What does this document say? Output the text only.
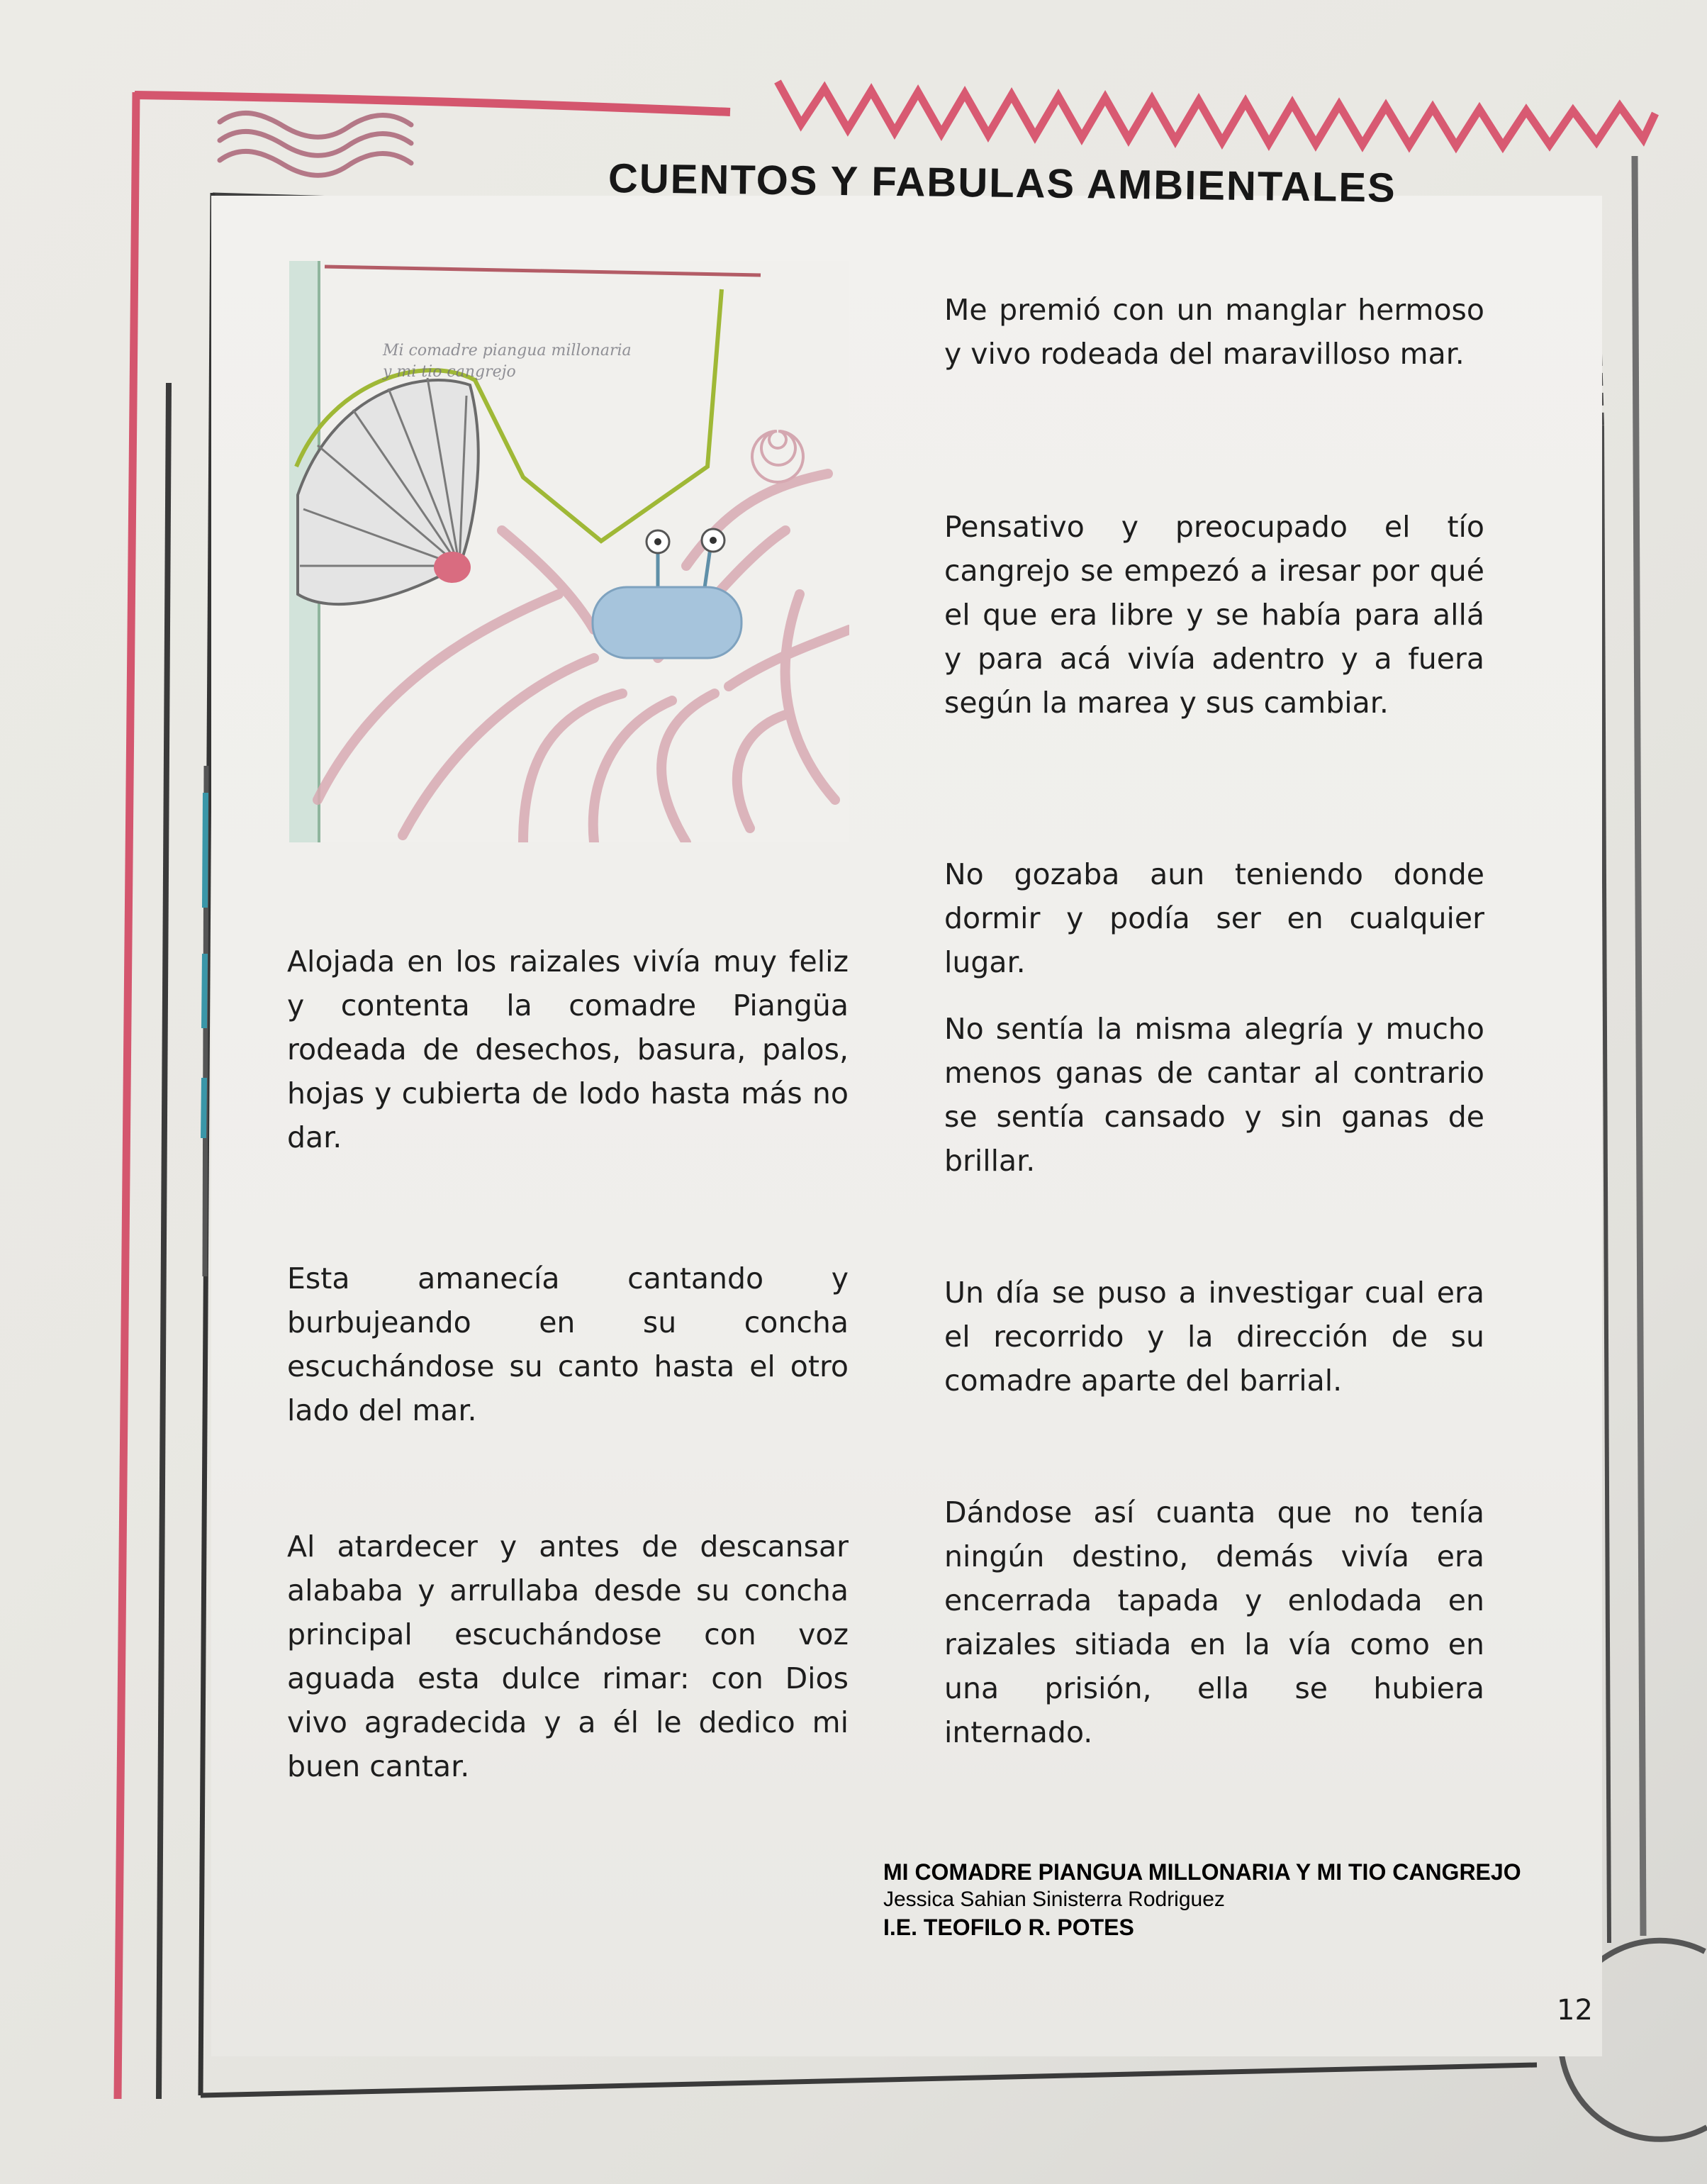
CUENTOS Y FABULAS AMBIENTALES
Mi comadre piangua millonaria
y mi tio cangrejo

Alojada en los raizales vivía muy feliz y contenta la comadre Piangüa rodeada de desechos, basura, palos, hojas y cubierta de lodo hasta más no dar.

Esta amanecía cantando y burbujeando en su concha escuchándose su canto hasta el otro lado del mar.

Al atardecer y antes de descansar alababa y arrullaba desde su concha principal escuchándose con voz aguada esta dulce rimar: con Dios vivo agradecida y a él le dedico mi buen cantar.

Me premió con un manglar hermoso y vivo rodeada del maravilloso mar.

Pensativo y preocupado el tío cangrejo se empezó a iresar por qué el que era libre y se había para allá y para acá vivía adentro y a fuera según la marea y sus cambiar.

No gozaba aun teniendo donde dormir y podía ser en cualquier lugar.

No sentía la misma alegría y mucho menos ganas de cantar al contrario se sentía cansado y sin ganas de brillar.

Un día se puso a investigar cual era el recorrido y la dirección de su comadre aparte del barrial.

Dándose así cuanta que no tenía ningún destino, demás vivía era encerrada tapada y enlodada en raizales sitiada en la vía como en una prisión, ella se hubiera internado.

MI COMADRE PIANGUA MILLONARIA Y MI TIO CANGREJO
Jessica Sahian Sinisterra Rodriguez
I.E. TEOFILO R. POTES
12
